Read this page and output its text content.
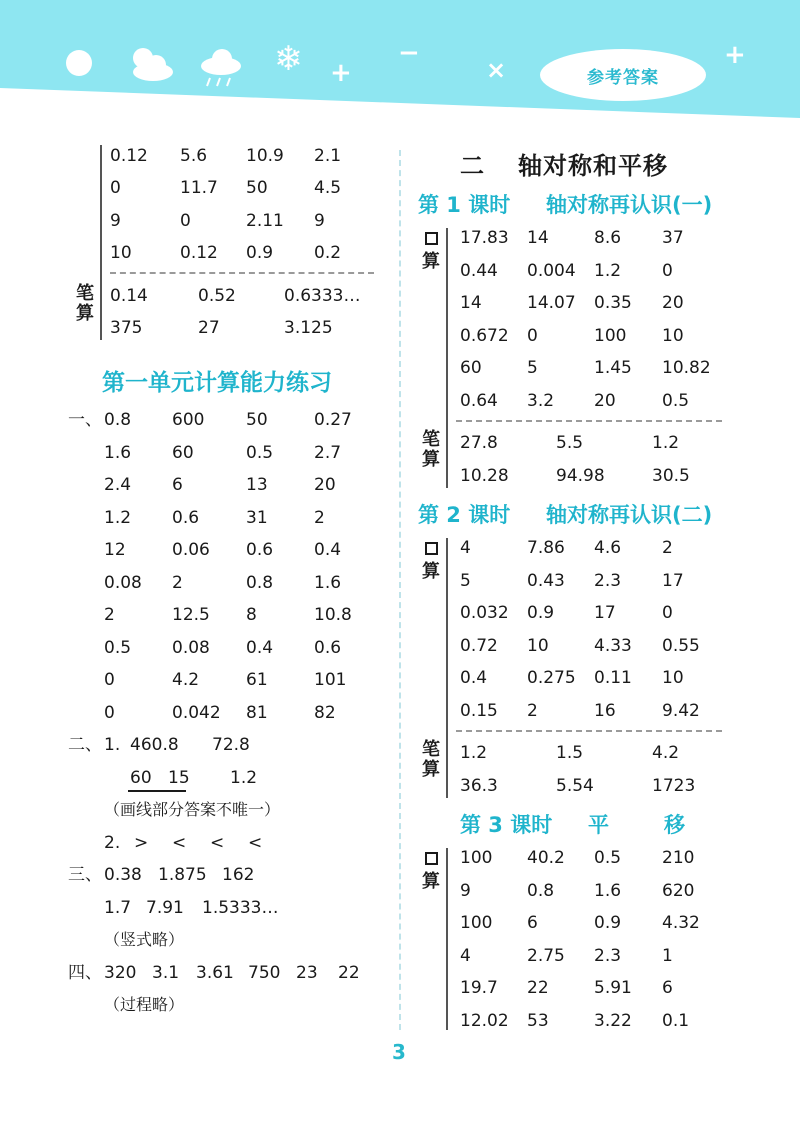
❄ +
−
×	+
参考答案
0.12 5.6 10.9 2.1
0	11.7 50	4.5
9	0	2.11 9
10	0.12 0.9 0.2
笔算
0.14	0.52	0.6333…
375	27	3.125
第一单元计算能力练习
一、 0.8 600 50	0.27
1.6 60	0.5 2.7
2.4 6	13	20
1.2 0.6	31	2
12	0.06 0.6 0.4
0.08 2	0.8 1.6
2	12.5 8	10.8
0.5 0.08 0.4 0.6
0	4.2	61	101
0	0.042 81	82
二、 1. 460.8 72.8
60 15 1.2
（画线部分答案不唯一）
2. > < < <
三、 0.38 1.875 162
1.7 7.91 1.5333…
（竖式略）
四、 320 3.1 3.61 750 23 22
（过程略）
二 轴对称和平移
第 1 课时 轴对称再认识(一)
算
17.83 14	8.6 37
0.44 0.004 1.2 0
14	14.07 0.35 20
0.672 0	100 10
60	5	1.45 10.82
0.64 3.2 20	0.5
笔算
27.8	5.5	1.2
10.28	94.98	30.5
第 2 课时 轴对称再认识(二)
算
4	7.86 4.6 2
5	0.43 2.3 17
0.032 0.9 17	0
0.72 10	4.33 0.55
0.4 0.275 0.11 10
0.15 2	16	9.42
笔算
1.2	1.5	4.2
36.3	5.54	1723
第 3 课时 平	移
算
100 40.2 0.5 210
9	0.8 1.6 620
100 6	0.9 4.32
4	2.75 2.3 1
19.7 22	5.91 6
12.02 53	3.22 0.1
3
